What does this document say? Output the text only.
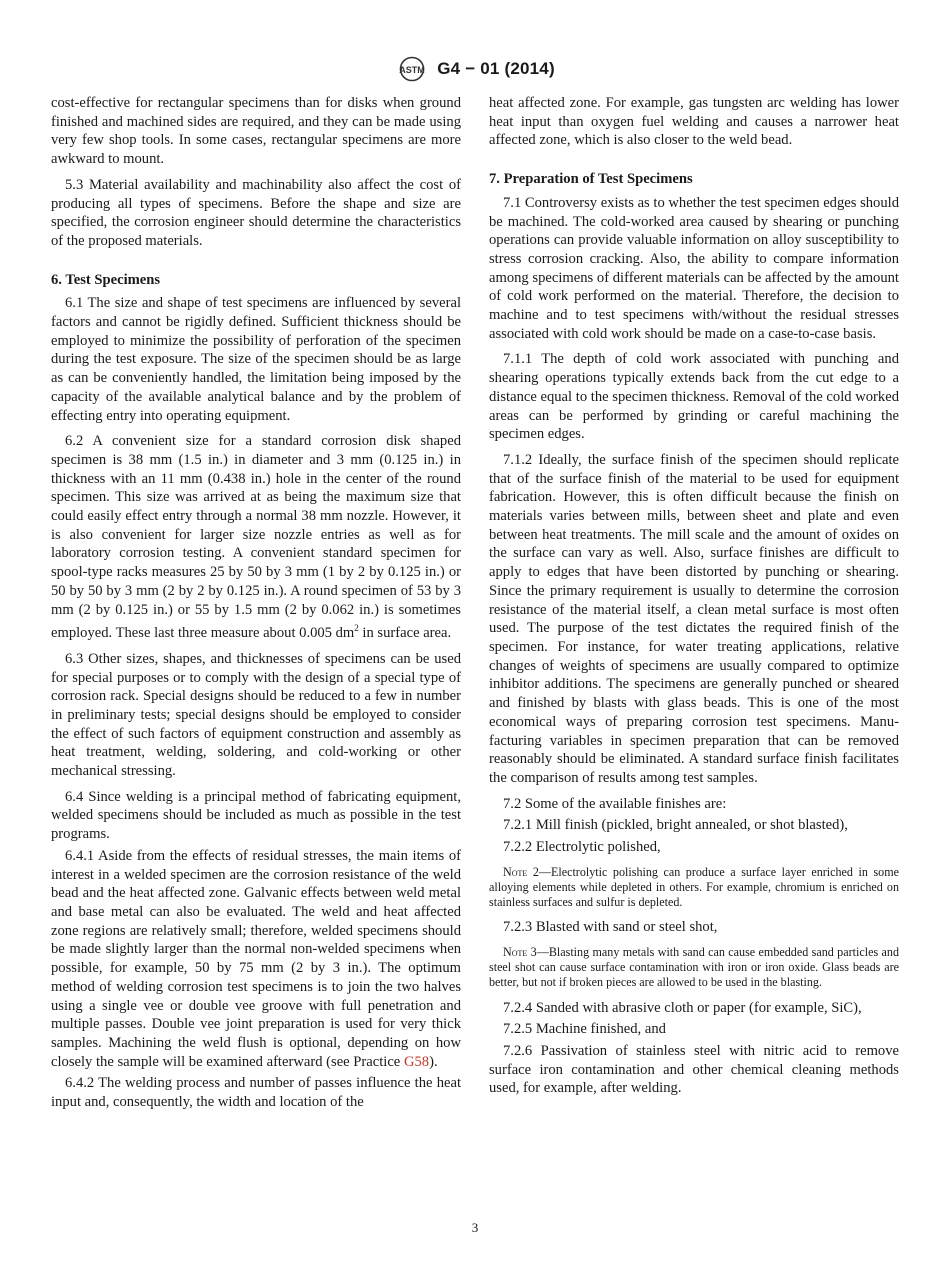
ASTM G4 − 01 (2014)

cost-effective for rectangular specimens than for disks when ground finished and machined sides are required, and they can be made using very few shop tools. In some cases, rectangular specimens are more awkward to mount.

5.3 Material availability and machinability also affect the cost of producing all types of specimens. Before the shape and size are specified, the corrosion engineer should determine the characteristics of the proposed materials.

6. Test Specimens

6.1 The size and shape of test specimens are influenced by several factors and cannot be rigidly defined. Sufficient thickness should be employed to minimize the possibility of perforation of the specimen during the test exposure. The size of the specimen should be as large as can be conveniently handled, the limitation being imposed by the capacity of the available analytical balance and by the problem of effecting entry into operating equipment.

6.2 A convenient size for a standard corrosion disk shaped specimen is 38 mm (1.5 in.) in diameter and 3 mm (0.125 in.) in thickness with an 11 mm (0.438 in.) hole in the center of the round specimen. This size was arrived at as being the maximum size that could easily effect entry through a normal 38 mm nozzle. However, it is also convenient for larger size nozzle entries as well as for laboratory corrosion testing. A convenient standard specimen for spool-type racks measures 25 by 50 by 3 mm (1 by 2 by 0.125 in.) or 50 by 50 by 3 mm (2 by 2 by 0.125 in.). A round specimen of 53 by 3 mm (2 by 0.125 in.) or 55 by 1.5 mm (2 by 0.062 in.) is sometimes employed. These last three measure about 0.005 $dm^2$ in surface area.

6.3 Other sizes, shapes, and thicknesses of specimens can be used for special purposes or to comply with the design of a special type of corrosion rack. Special designs should be reduced to a few in number in preliminary tests; special designs should be employed to consider the effect of such factors of equipment construction and assembly as heat treatment, welding, soldering, and cold-working or other mechanical stressing.

6.4 Since welding is a principal method of fabricating equipment, welded specimens should be included as much as possible in the test programs.

6.4.1 Aside from the effects of residual stresses, the main items of interest in a welded specimen are the corrosion resistance of the weld bead and the heat affected zone. Galvanic effects between weld metal and base metal can also be evaluated. The weld and heat affected zone regions are relatively small; therefore, welded specimens should be made slightly larger than the normal non-welded specimens when possible, for example, 50 by 75 mm (2 by 3 in.). The optimum method of welding corrosion test specimens is to join the two halves using a single vee or double vee groove with full penetration and multiple passes. Double vee joint preparation is used for very thick samples. Machining the weld flush is optional, depending on how closely the sample will be examined afterward (see Practice G58).

6.4.2 The welding process and number of passes influence the heat input and, consequently, the width and location of the

heat affected zone. For example, gas tungsten arc welding has lower heat input than oxygen fuel welding and causes a narrower heat affected zone, which is also closer to the weld bead.

7. Preparation of Test Specimens

7.1 Controversy exists as to whether the test specimen edges should be machined. The cold-worked area caused by shearing or punching operations can provide valuable information on alloy susceptibility to stress corrosion cracking. Also, the ability to compare information among specimens of different materials can be affected by the amount of cold work performed on the material. Therefore, the decision to machine and to test specimens with/without the residual stresses associated with cold work should be made on a case-to-case basis.

7.1.1 The depth of cold work associated with punching and shearing operations typically extends back from the cut edge to a distance equal to the specimen thickness. Removal of the cold worked areas can be performed by grinding or careful machining the specimen edges.

7.1.2 Ideally, the surface finish of the specimen should replicate that of the surface finish of the material to be used for equipment fabrication. However, this is often difficult because the finish on materials varies between mills, between sheet and plate and even between heat treatments. The mill scale and the amount of oxides on the surface can vary as well. Also, surface finishes are difficult to apply to edges that have been distorted by punching or shearing. Since the primary requirement is usually to determine the corrosion resistance of the material itself, a clean metal surface is most often used. The purpose of the test dictates the required finish of the specimen. For instance, for water treating applications, relative changes of weights of specimens are usually compared to optimize inhibitor additions. The specimens are generally punched or sheared and finished by blasts with glass beads. This is one of the most economical ways of preparing corrosion test specimens. Manufacturing variables in specimen preparation that can be removed reasonably should be eliminated. A standard surface finish facilitates the comparison of results among test samples.

7.2 Some of the available finishes are:

7.2.1 Mill finish (pickled, bright annealed, or shot blasted),

7.2.2 Electrolytic polished,

Note 2—Electrolytic polishing can produce a surface layer enriched in some alloying elements while depleted in others. For example, chromium is enriched on stainless surfaces and sulfur is depleted.

7.2.3 Blasted with sand or steel shot,

Note 3—Blasting many metals with sand can cause embedded sand particles and steel shot can cause surface contamination with iron or iron oxide. Glass beads are better, but not if broken pieces are allowed to be used in the blasting.

7.2.4 Sanded with abrasive cloth or paper (for example, SiC),

7.2.5 Machine finished, and

7.2.6 Passivation of stainless steel with nitric acid to remove surface iron contamination and other chemical cleaning methods used, for example, after welding.

3
